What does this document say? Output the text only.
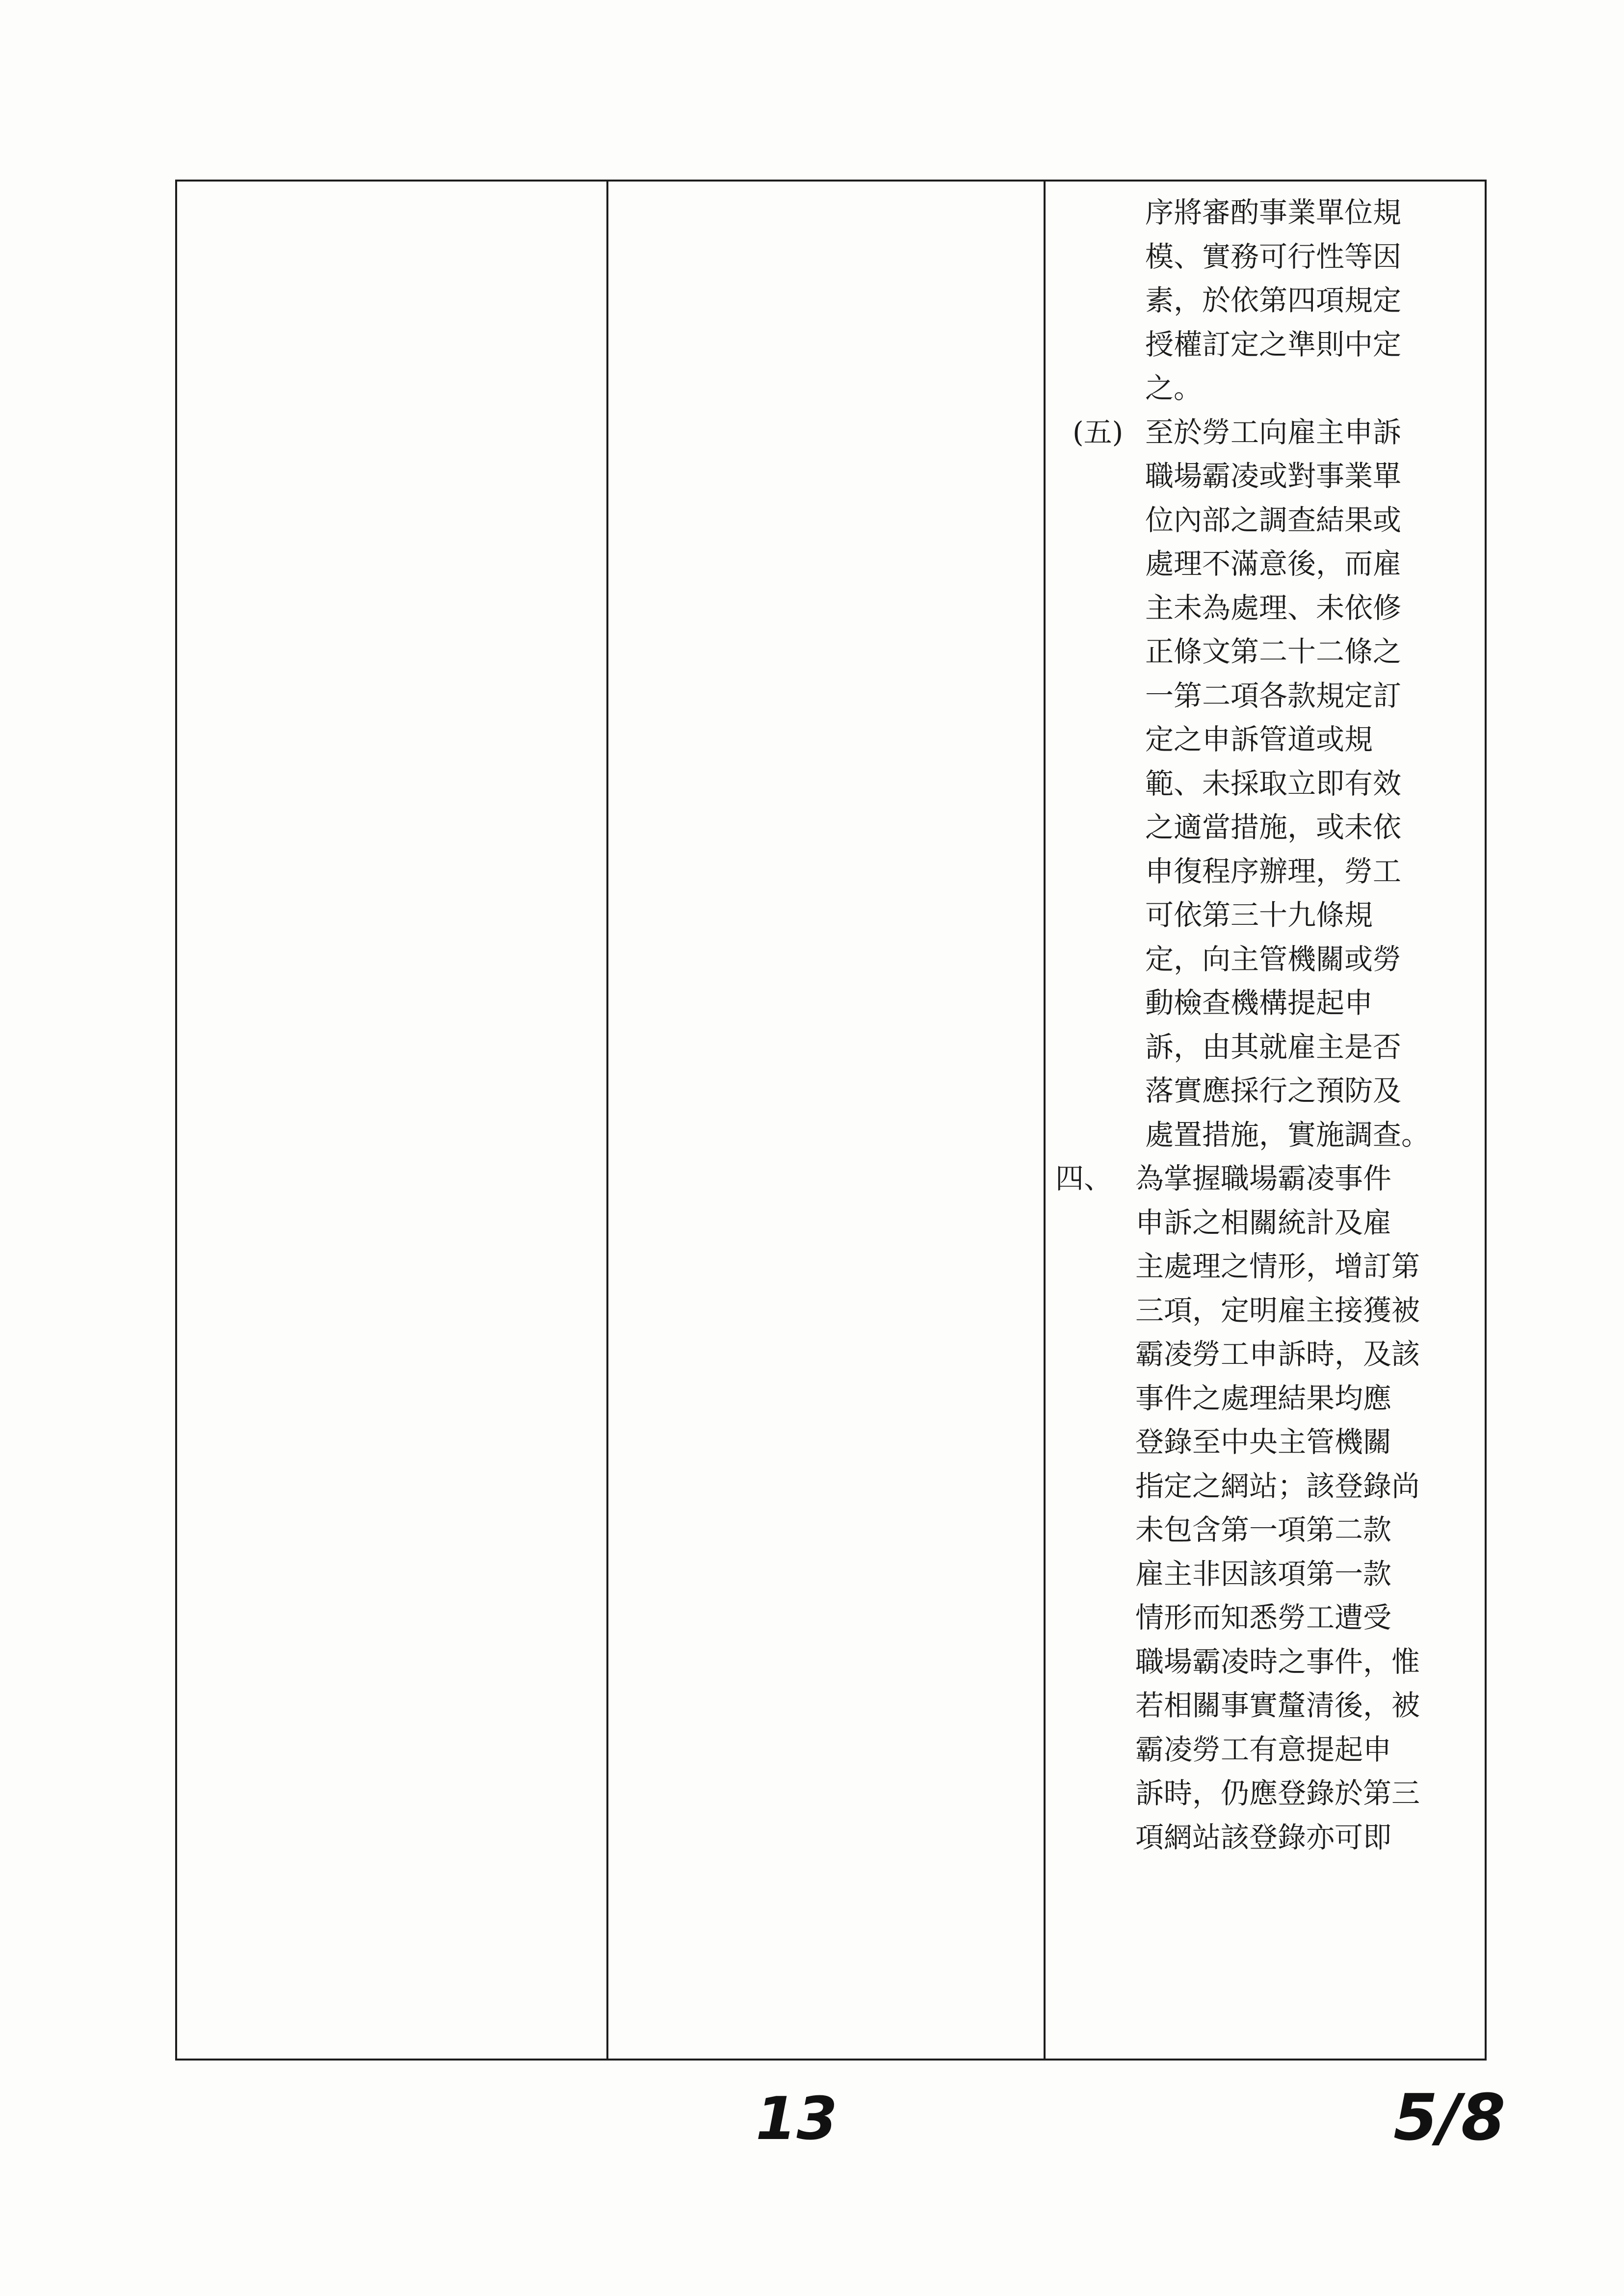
序將審酌事業單位規
模、實務可行性等因
素，於依第四項規定
授權訂定之準則中定
之。
(五) 至於勞工向雇主申訴
職場霸凌或對事業單
位內部之調查結果或
處理不滿意後，而雇
主未為處理、未依修
正條文第二十二條之
一第二項各款規定訂
定之申訴管道或規
範、未採取立即有效
之適當措施，或未依
申復程序辦理，勞工
可依第三十九條規
定，向主管機關或勞
動檢查機構提起申
訴，由其就雇主是否
落實應採行之預防及
處置措施，實施調查。
四、 為掌握職場霸凌事件
申訴之相關統計及雇
主處理之情形，增訂第
三項，定明雇主接獲被
霸凌勞工申訴時，及該
事件之處理結果均應
登錄至中央主管機關
指定之網站；該登錄尚
未包含第一項第二款
雇主非因該項第一款
情形而知悉勞工遭受
職場霸凌時之事件，惟
若相關事實釐清後，被
霸凌勞工有意提起申
訴時，仍應登錄於第三
項網站該登錄亦可即
13	5/8
